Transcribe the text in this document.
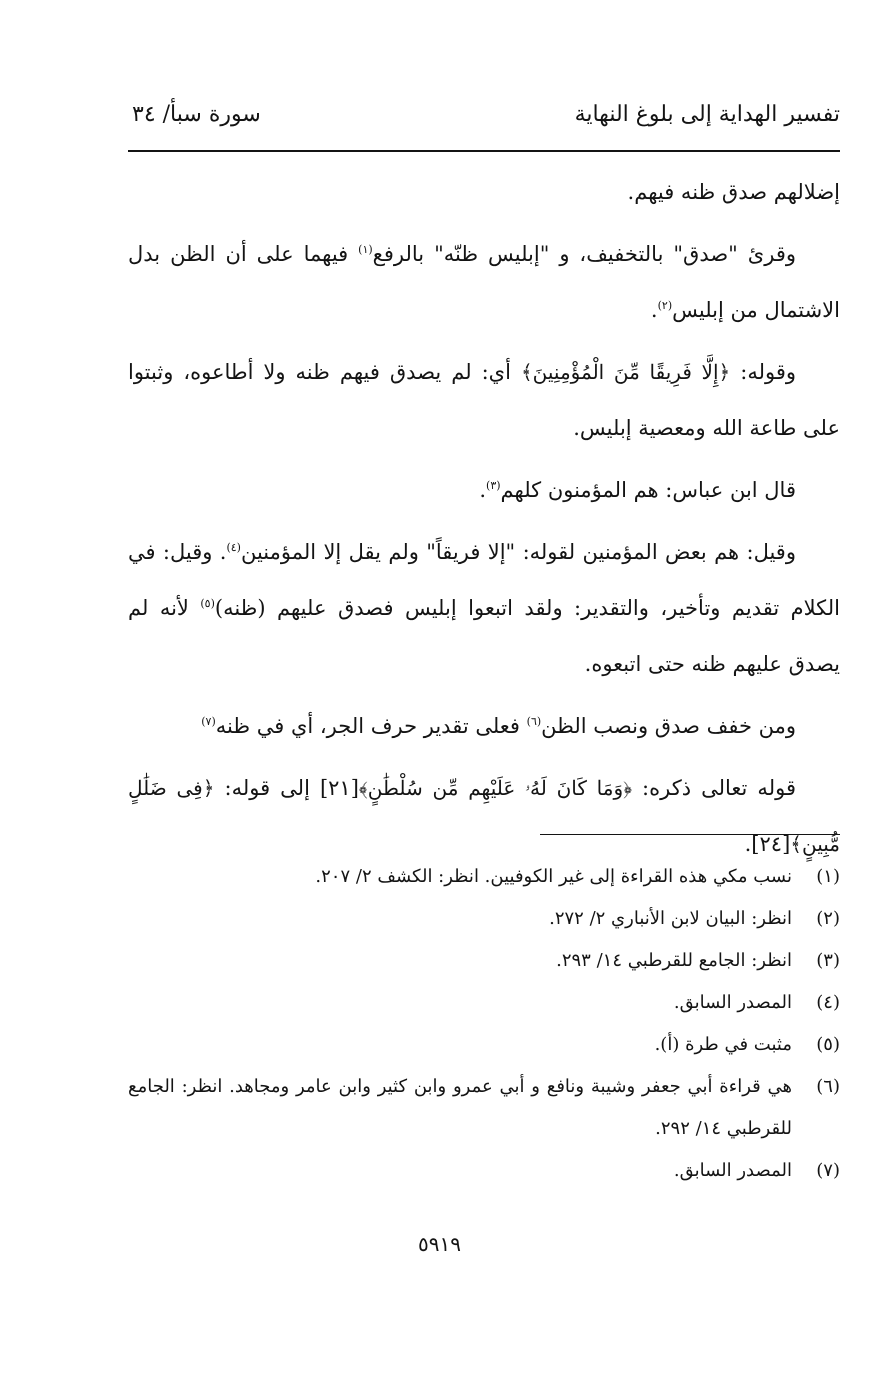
تفسير الهداية إلى بلوغ النهاية
سورة سبأ/ ٣٤

إضلالهم صدق ظنه فيهم.

وقرئ "صدق" بالتخفيف، و "إبليس ظنّه" بالرفع$^{(١)}$ فيهما على أن الظن بدل الاشتمال من إبليس$^{(٢)}$.

وقوله: ﴿إِلَّا فَرِيقًا مِّنَ الْمُؤْمِنِينَ﴾ أي: لم يصدق فيهم ظنه ولا أطاعوه، وثبتوا على طاعة الله ومعصية إبليس.

قال ابن عباس: هم المؤمنون كلهم$^{(٣)}$.

وقيل: هم بعض المؤمنين لقوله: "إلا فريقاً" ولم يقل إلا المؤمنين$^{(٤)}$. وقيل: في الكلام تقديم وتأخير، والتقدير: ولقد اتبعوا إبليس فصدق عليهم (ظنه)$^{(٥)}$ لأنه لم يصدق عليهم ظنه حتى اتبعوه.

ومن خفف صدق ونصب الظن$^{(٦)}$ فعلى تقدير حرف الجر، أي في ظنه$^{(٧)}$

قوله تعالى ذكره: ﴿وَمَا كَانَ لَهُۥ عَلَيْهِم مِّن سُلْطَٰنٍ﴾[٢١] إلى قوله: ﴿فِى ضَلَٰلٍ مُّبِينٍ﴾[٢٤].

(١)
نسب مكي هذه القراءة إلى غير الكوفيين. انظر: الكشف ٢/ ٢٠٧.
(٢)
انظر: البيان لابن الأنباري ٢/ ٢٧٢.
(٣)
انظر: الجامع للقرطبي ١٤/ ٢٩٣.
(٤)
المصدر السابق.
(٥)
مثبت في طرة (أ).
(٦)
هي قراءة أبي جعفر وشيبة ونافع و أبي عمرو وابن كثير وابن عامر ومجاهد. انظر: الجامع للقرطبي ١٤/ ٢٩٢.
(٧)
المصدر السابق.
٥٩١٩
